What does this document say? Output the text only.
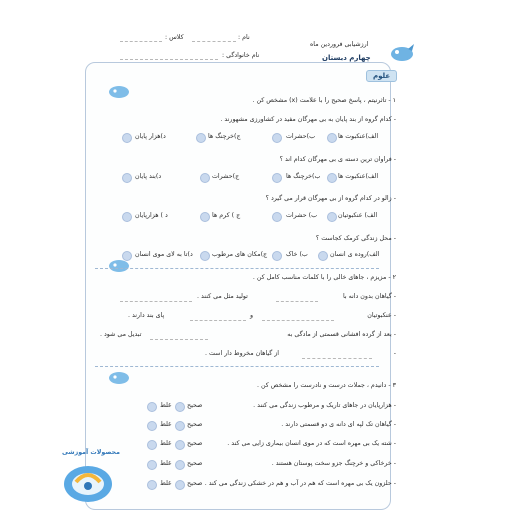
نام :
کلاس :
نام خانوادگی :
ارزشیابی فروردین ماه
چهارم دبستان
علوم
۱ - تاثرنیتم ، پاسخ صحیح را با علامت (x) مشخص کن .
- کدام گروه از بند پایان به بی مهرگان مفید در کشاورزی مشهورند .
الف)عنکبوت ها
ب)حشرات
ج)خرچنگ ها
د)هزار پایان
- فراوان ترین دسته ی بی مهرگان کدام اند ؟
الف)عنکبوت ها
ب)خرچنگ ها
ج)حشرات
د)بند پایان
- زالو در کدام گروه از بی مهرگان قرار می گیرد ؟
الف) عنکبوتیان
ب) حشرات
ج ) کرم ها
د ) هزارپایان
- محل زندگی کرمک کجاست ؟
الف)روده ی انسان
ب) خاک
ج)مکان های مرطوب
د)تا به لای موی انسان
۲ - مزیزم ، جاهای خالی را با کلمات مناسب کامل کن .
- گیاهان بدون دانه با
تولید مثل می کنند .
- عنکبوتیان
و
پای بند دارند .
- بعد از گرده افشانی قسمتی از مادگی به
تبدیل می شود .
-
از گیاهان مخروط دار است .
۳ - دانیدم ، جملات درست و نادرست را مشخص کن .
- هزارپایان در جاهای تاریک و مرطوب زندگی می کنند .
صحیح
غلط
- گیاهان تک لپه ای دانه ی دو قسمتی دارند .
صحیح
غلط
- شته یک بی مهره است که در موی انسان بیماری زایی می کند .
صحیح
غلط
- خرخاکی و خرچنگ جزو سخت پوستان هستند .
صحیح
غلط
- حلزون یک بی مهره است که هم در آب و هم در خشکی زندگی می کند .
صحیح
غلط
محصولات آموزشی
